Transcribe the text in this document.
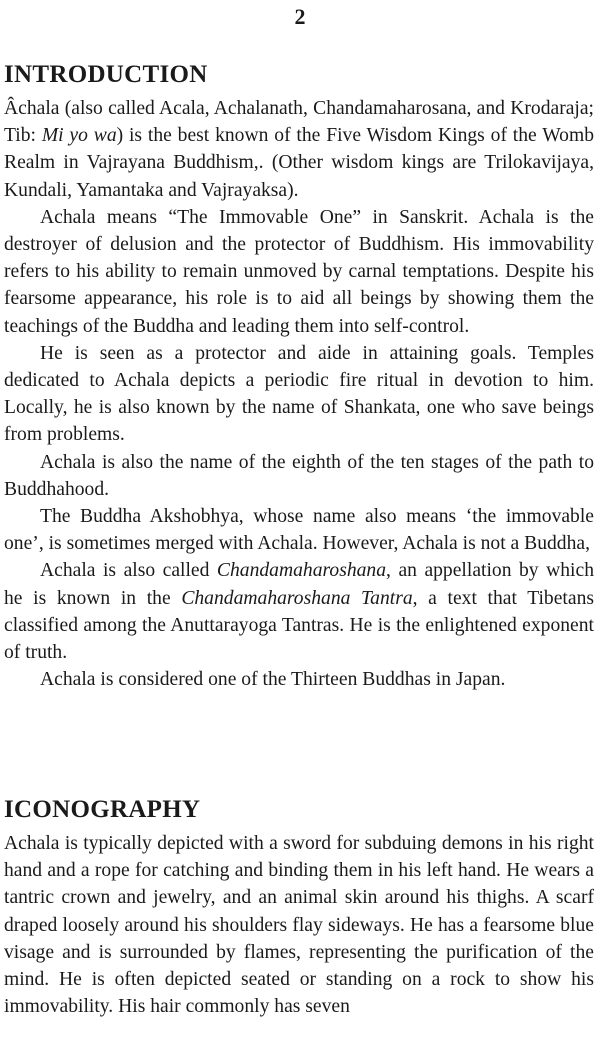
2
INTRODUCTION

Âchala (also called Acala, Achalanath, Chandamaharosana, and Krodaraja; Tib: Mi yo wa) is the best known of the Five Wisdom Kings of the Womb Realm in Vajrayana Buddhism,. (Other wisdom kings are Trilokavijaya, Kundali, Yamantaka and Vajrayaksa).

Achala means “The Immovable One” in Sanskrit. Achala is the destroyer of delusion and the protector of Buddhism. His immovability refers to his ability to remain unmoved by carnal temptations. Despite his fearsome appearance, his role is to aid all beings by showing them the teachings of the Buddha and leading them into self-control.

He is seen as a protector and aide in attaining goals. Temples dedicated to Achala depicts a periodic fire ritual in devotion to him. Locally, he is also known by the name of Shankata, one who save beings from problems.

Achala is also the name of the eighth of the ten stages of the path to Buddhahood.

The Buddha Akshobhya, whose name also means ‘the immovable one’, is sometimes merged with Achala. However, Achala is not a Buddha,

Achala is also called Chandamaharoshana, an appellation by which he is known in the Chandamaharoshana Tantra, a text that Tibetans classified among the Anuttarayoga Tantras. He is the enlightened exponent of truth.

Achala is considered one of the Thirteen Buddhas in Japan.

ICONOGRAPHY

Achala is typically depicted with a sword for subduing demons in his right hand and a rope for catching and binding them in his left hand. He wears a tantric crown and jewelry, and an animal skin around his thighs. A scarf draped loosely around his shoulders flay sideways. He has a fearsome blue visage and is surrounded by flames, representing the purification of the mind. He is often depicted seated or standing on a rock to show his immovability. His hair commonly has seven
